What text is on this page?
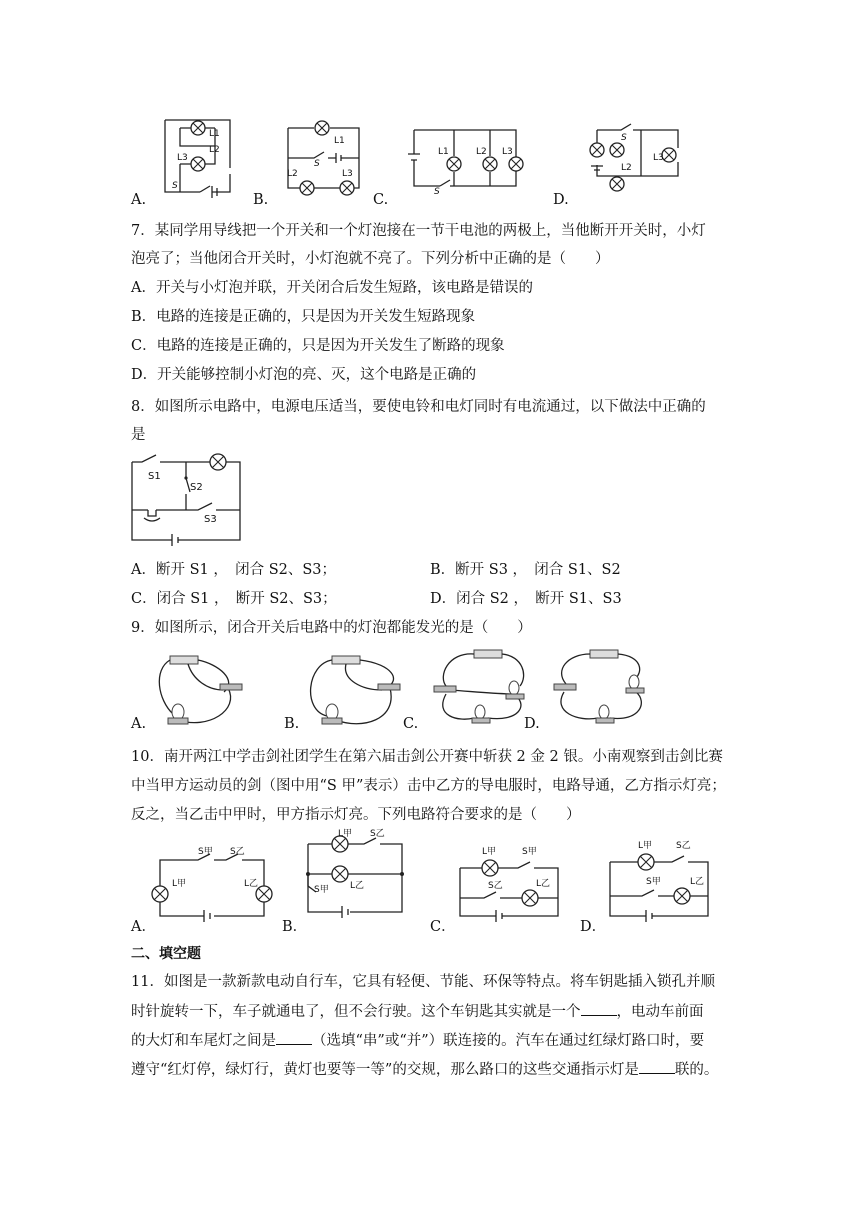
L1
L2
L3
S
A.
L1
S
L2	L3
B.
L1	L2 L3
S
C.
S
L3
L2
D.
7．某同学用导线把一个开关和一个灯泡接在一节干电池的两极上，当他断开开关时，小灯
泡亮了；当他闭合开关时，小灯泡就不亮了。下列分析中正确的是（　　）
A．开关与小灯泡并联，开关闭合后发生短路，该电路是错误的
B．电路的连接是正确的，只是因为开关发生短路现象
C．电路的连接是正确的，只是因为开关发生了断路的现象
D．开关能够控制小灯泡的亮、灭，这个电路是正确的
8．如图所示电路中，电源电压适当，要使电铃和电灯同时有电流通过，以下做法中正确的
是
S1
S2
S3
A．断开 S1 ，　闭合 S2、S3；	B．断开 S3 ，　闭合 S1、S2
C．闭合 S1 ，　断开 S2、S3；	D．闭合 S2 ，　断开 S1、S3
9．如图所示，闭合开关后电路中的灯泡都能发光的是（　　）
A.	B.	C.	D.
10．南开两江中学击剑社团学生在第六届击剑公开赛中斩获 2 金 2 银。小南观察到击剑比赛
中当甲方运动员的剑（图中用“S 甲”表示）击中乙方的导电服时，电路导通，乙方指示灯亮；
反之，当乙击中甲时，甲方指示灯亮。下列电路符合要求的是（　　）
S甲 S乙
L甲	L乙
A．
L甲 S乙
L乙
S甲
B．
L甲	S甲
S乙	L乙
C．
L甲	S乙
S甲	L乙
D．
二、填空题
11．如图是一款新款电动自行车，它具有轻便、节能、环保等特点。将车钥匙插入锁孔并顺
时针旋转一下，车子就通电了，但不会行驶。这个车钥匙其实就是一个 ，电动车前面
的大灯和车尾灯之间是 （选填“串”或“并”）联连接的。汽车在通过红绿灯路口时，要
遵守“红灯停，绿灯行，黄灯也要等一等”的交规，那么路口的这些交通指示灯是 联的。
